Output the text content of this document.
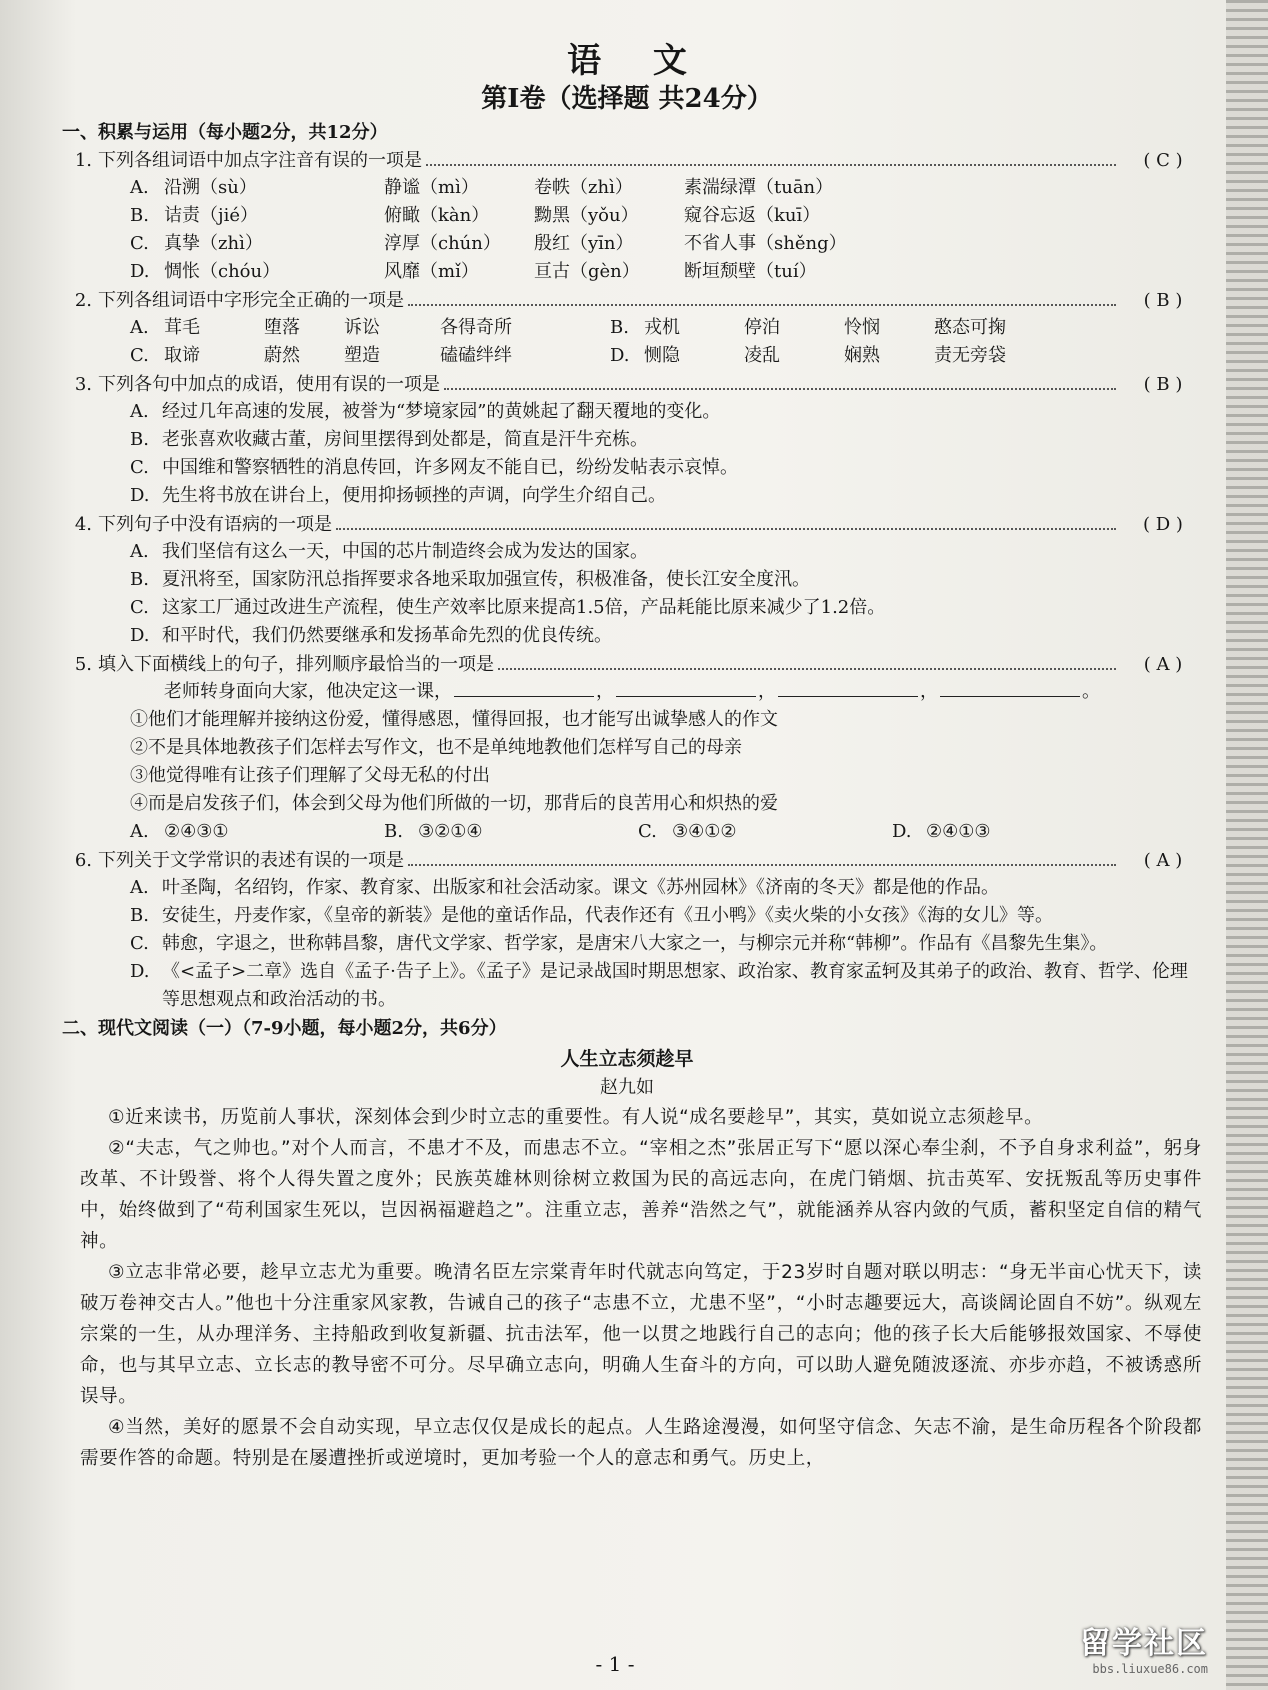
语 文
第Ⅰ卷（选择题 共24分）
一、积累与运用（每小题2分，共12分）
1. 下列各组词语中加点字注音有误的一项是	( C )
A. 沿溯（sù）	静谧（mì）	卷帙（zhì）	素湍绿潭（tuān）
B. 诘责（jié）	俯瞰（kàn）	黝黑（yǒu）	窥谷忘返（kuī）
C. 真挚（zhì）	淳厚（chún）	殷红（yīn）	不省人事（shěng）
D. 惆怅（chóu）	风靡（mǐ）	亘古（gèn）	断垣颓壁（tuí）
2. 下列各组词语中字形完全正确的一项是	( B )
A. 茸毛	堕落	诉讼	各得奇所	B. 戎机	停泊	怜悯	憨态可掬
C. 取谛	蔚然	塑造	磕磕绊绊	D. 恻隐	凌乱	娴熟	责无旁袋
3. 下列各句中加点的成语，使用有误的一项是	( B )
A. 经过几年高速的发展，被誉为“梦境家园”的黄姚起了翻天覆地的变化。
B. 老张喜欢收藏古董，房间里摆得到处都是，简直是汗牛充栋。
C. 中国维和警察牺牲的消息传回，许多网友不能自已，纷纷发帖表示哀悼。
D. 先生将书放在讲台上，便用抑扬顿挫的声调，向学生介绍自己。
4. 下列句子中没有语病的一项是	( D )
A. 我们坚信有这么一天，中国的芯片制造终会成为发达的国家。
B. 夏汛将至，国家防汛总指挥要求各地采取加强宣传，积极准备，使长江安全度汛。
C. 这家工厂通过改进生产流程，使生产效率比原来提高1.5倍，产品耗能比原来减少了1.2倍。
D. 和平时代，我们仍然要继承和发扬革命先烈的优良传统。
5. 填入下面横线上的句子，排列顺序最恰当的一项是	( A )
老师转身面向大家，他决定这一课，	，	，	，	。
①他们才能理解并接纳这份爱，懂得感恩，懂得回报，也才能写出诚挚感人的作文
②不是具体地教孩子们怎样去写作文，也不是单纯地教他们怎样写自己的母亲
③他觉得唯有让孩子们理解了父母无私的付出
④而是启发孩子们，体会到父母为他们所做的一切，那背后的良苦用心和炽热的爱
A. ②④③①	B. ③②①④	C. ③④①②	D. ②④①③
6. 下列关于文学常识的表述有误的一项是	( A )
A. 叶圣陶，名绍钧，作家、教育家、出版家和社会活动家。课文《苏州园林》《济南的冬天》都是他的作品。
B. 安徒生，丹麦作家，《皇帝的新装》是他的童话作品，代表作还有《丑小鸭》《卖火柴的小女孩》《海的女儿》等。
C. 韩愈，字退之，世称韩昌黎，唐代文学家、哲学家，是唐宋八大家之一，与柳宗元并称“韩柳”。作品有《昌黎先生集》。
D. 《<孟子>二章》选自《孟子·告子上》。《孟子》是记录战国时期思想家、政治家、教育家孟轲及其弟子的政治、教育、哲学、伦理等思想观点和政治活动的书。
二、现代文阅读（一）（7-9小题，每小题2分，共6分）
人生立志须趁早
赵九如
①近来读书，历览前人事状，深刻体会到少时立志的重要性。有人说“成名要趁早”，其实，莫如说立志须趁早。
②“夫志，气之帅也。”对个人而言，不患才不及，而患志不立。“宰相之杰”张居正写下“愿以深心奉尘刹，不予自身求利益”，躬身改革、不计毁誉、将个人得失置之度外；民族英雄林则徐树立救国为民的高远志向，在虎门销烟、抗击英军、安抚叛乱等历史事件中，始终做到了“苟利国家生死以，岂因祸福避趋之”。注重立志，善养“浩然之气”，就能涵养从容内敛的气质，蓄积坚定自信的精气神。
③立志非常必要，趁早立志尤为重要。晚清名臣左宗棠青年时代就志向笃定，于23岁时自题对联以明志：“身无半亩心忧天下，读破万卷神交古人。”他也十分注重家风家教，告诫自己的孩子“志患不立，尤患不坚”，“小时志趣要远大，高谈阔论固自不妨”。纵观左宗棠的一生，从办理洋务、主持船政到收复新疆、抗击法军，他一以贯之地践行自己的志向；他的孩子长大后能够报效国家、不辱使命，也与其早立志、立长志的教导密不可分。尽早确立志向，明确人生奋斗的方向，可以助人避免随波逐流、亦步亦趋，不被诱惑所误导。
④当然，美好的愿景不会自动实现，早立志仅仅是成长的起点。人生路途漫漫，如何坚守信念、矢志不渝，是生命历程各个阶段都需要作答的命题。特别是在屡遭挫折或逆境时，更加考验一个人的意志和勇气。历史上，
- 1 -
留学社区
bbs.liuxue86.com
